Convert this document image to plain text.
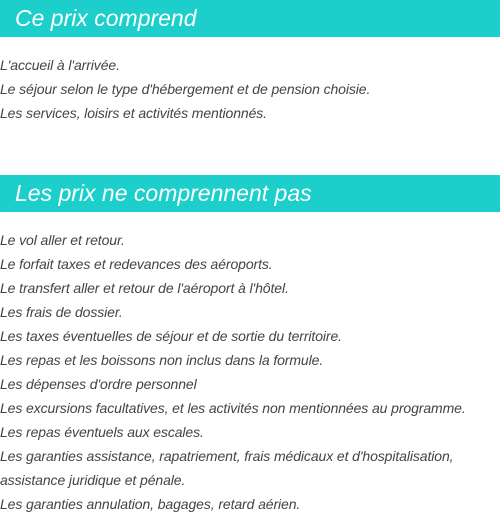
Ce prix comprend
L'accueil à l'arrivée.
Le séjour selon le type d'hébergement et de pension choisie.
Les services, loisirs et activités mentionnés.
Les prix ne comprennent pas
Le vol aller et retour.
Le forfait taxes et redevances des aéroports.
Le transfert aller et retour de l'aéroport à l'hôtel.
Les frais de dossier.
Les taxes éventuelles de séjour et de sortie du territoire.
Les repas et les boissons non inclus dans la formule.
Les dépenses d'ordre personnel
Les excursions facultatives, et les activités non mentionnées au programme.
Les repas éventuels aux escales.
Les garanties assistance, rapatriement, frais médicaux et d'hospitalisation, assistance juridique et pénale.
Les garanties annulation, bagages, retard aérien.
